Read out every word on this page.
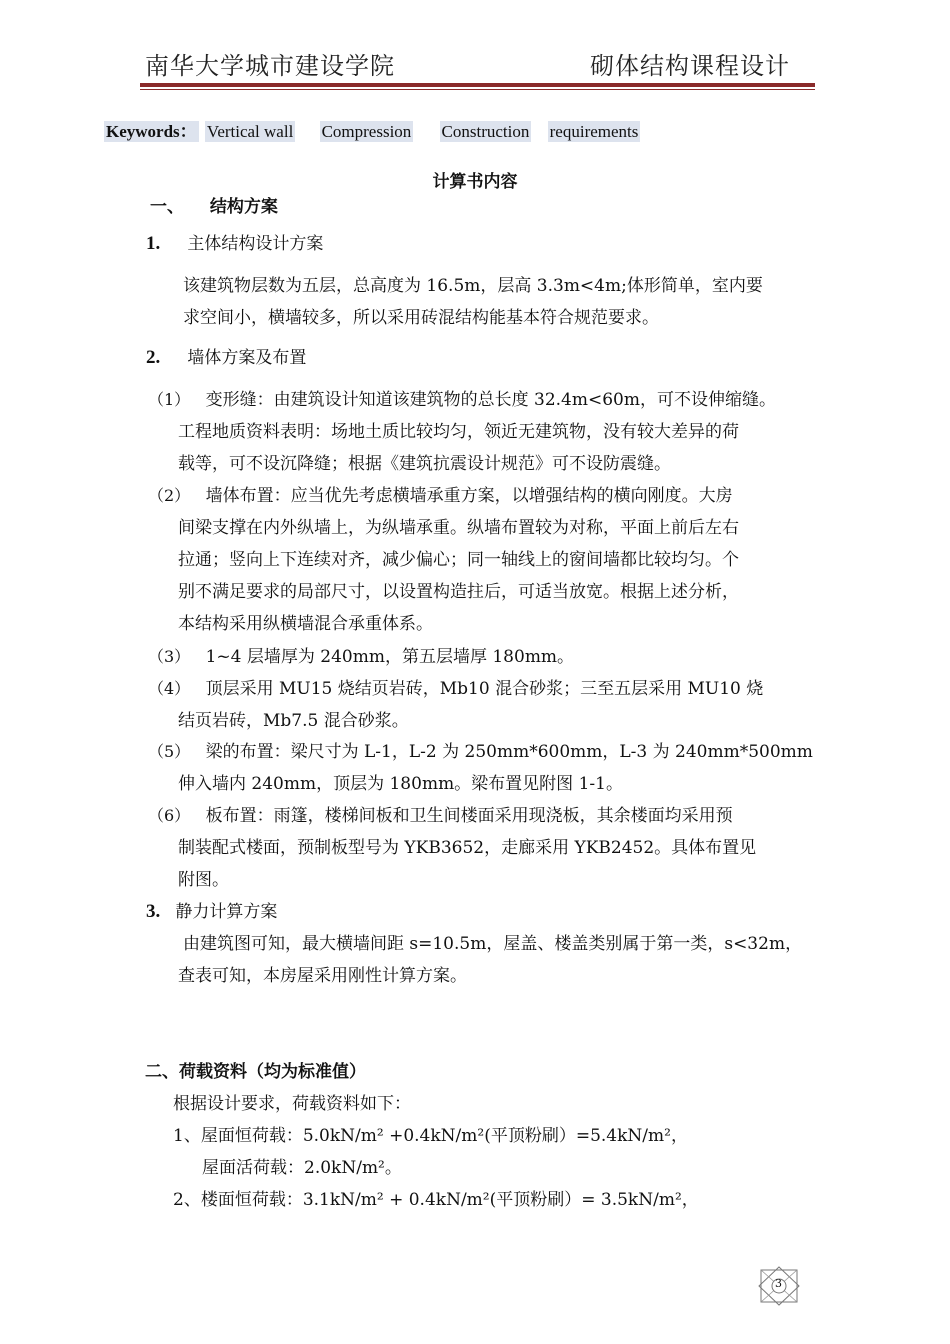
南华大学城市建设学院	砌体结构课程设计
Keywords： Vertical wall Compression Construction requirements
计算书内容
一、 结构方案
1. 主体结构设计方案
该建筑物层数为五层，总高度为 16.5m，层高 3.3m<4m;体形简单，室内要
求空间小，横墙较多，所以采用砖混结构能基本符合规范要求。
2. 墙体方案及布置
（1） 变形缝：由建筑设计知道该建筑物的总长度 32.4m<60m，可不设伸缩缝。
工程地质资料表明：场地土质比较均匀，领近无建筑物，没有较大差异的荷
载等，可不设沉降缝；根据《建筑抗震设计规范》可不设防震缝。
（2） 墙体布置：应当优先考虑横墙承重方案，以增强结构的横向刚度。大房
间梁支撑在内外纵墙上，为纵墙承重。纵墙布置较为对称，平面上前后左右
拉通；竖向上下连续对齐，减少偏心；同一轴线上的窗间墙都比较均匀。个
别不满足要求的局部尺寸，以设置构造拄后，可适当放宽。根据上述分析，
本结构采用纵横墙混合承重体系。
（3） 1~4 层墙厚为 240mm，第五层墙厚 180mm。
（4） 顶层采用 MU15 烧结页岩砖，Mb10 混合砂浆；三至五层采用 MU10 烧
结页岩砖，Mb7.5 混合砂浆。
（5） 梁的布置：梁尺寸为 L-1，L-2 为 250mm*600mm，L-3 为 240mm*500mm
伸入墙内 240mm，顶层为 180mm。梁布置见附图 1-1。
（6） 板布置：雨篷，楼梯间板和卫生间楼面采用现浇板，其余楼面均采用预
制装配式楼面，预制板型号为 YKB3652，走廊采用 YKB2452。具体布置见
附图。
3. 静力计算方案
由建筑图可知，最大横墙间距 s=10.5m，屋盖、楼盖类别属于第一类，s<32m，
查表可知，本房屋采用刚性计算方案。
二、荷载资料（均为标准值）
根据设计要求，荷载资料如下：
1、屋面恒荷载：5.0kN/m² +0.4kN/m²(平顶粉刷）=5.4kN/m²，
屋面活荷载：2.0kN/m²。
2、楼面恒荷载：3.1kN/m² + 0.4kN/m²(平顶粉刷）= 3.5kN/m²，
3
